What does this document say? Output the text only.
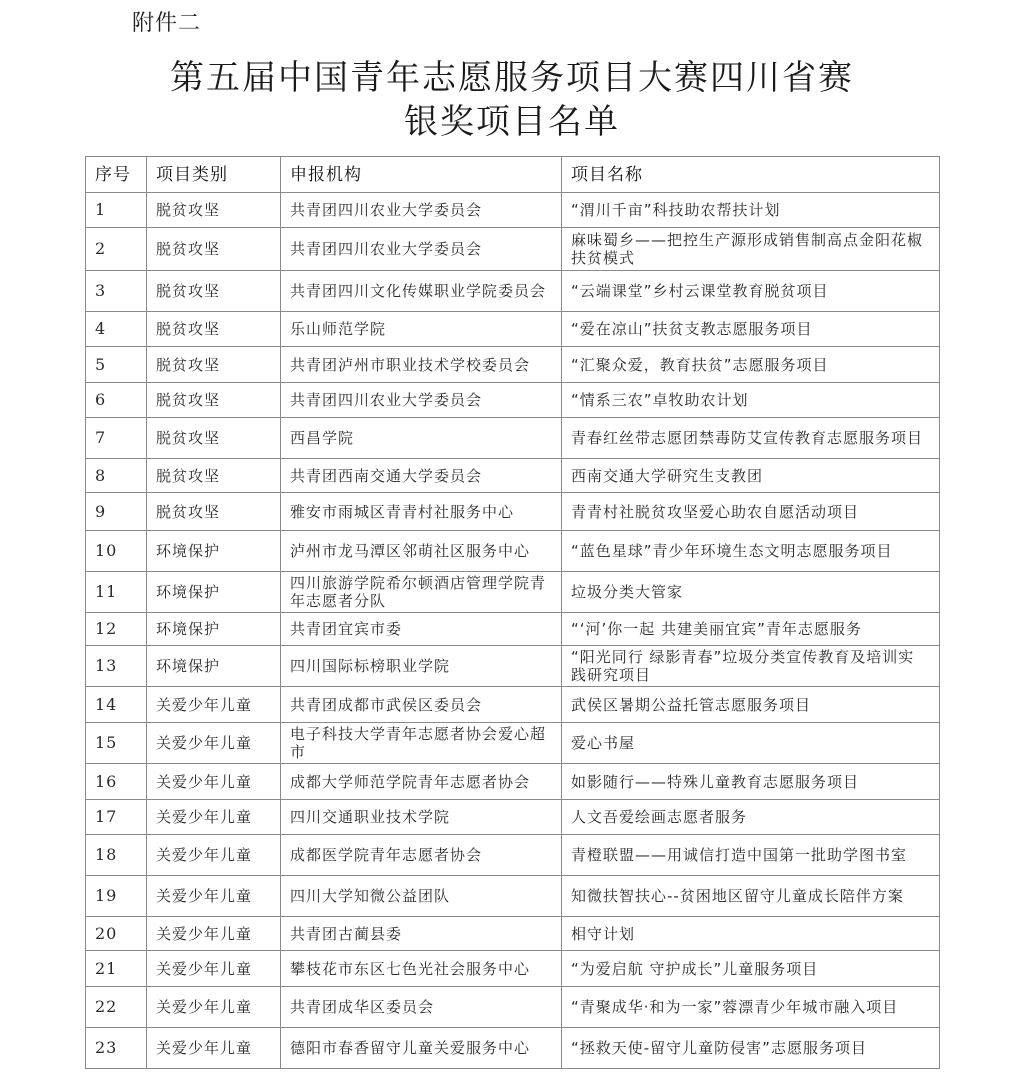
附件二
第五届中国青年志愿服务项目大赛四川省赛
银奖项目名单
序号	项目类别	申报机构	项目名称
1	脱贫攻坚	共青团四川农业大学委员会	“渭川千亩”科技助农帮扶计划
2	脱贫攻坚	共青团四川农业大学委员会	麻味蜀乡——把控生产源形成销售制高点金阳花椒扶贫模式
3	脱贫攻坚	共青团四川文化传媒职业学院委员会	“云端课堂”乡村云课堂教育脱贫项目
4	脱贫攻坚	乐山师范学院	“爱在凉山”扶贫支教志愿服务项目
5	脱贫攻坚	共青团泸州市职业技术学校委员会	“汇聚众爱，教育扶贫”志愿服务项目
6	脱贫攻坚	共青团四川农业大学委员会	“情系三农”卓牧助农计划
7	脱贫攻坚	西昌学院	青春红丝带志愿团禁毒防艾宣传教育志愿服务项目
8	脱贫攻坚	共青团西南交通大学委员会	西南交通大学研究生支教团
9	脱贫攻坚	雅安市雨城区青青村社服务中心	青青村社脱贫攻坚爱心助农自愿活动项目
10	环境保护	泸州市龙马潭区邻萌社区服务中心	“蓝色星球”青少年环境生态文明志愿服务项目
11	环境保护	四川旅游学院希尔顿酒店管理学院青年志愿者分队	垃圾分类大管家
12	环境保护	共青团宜宾市委	“‘河’你一起 共建美丽宜宾”青年志愿服务
13	环境保护	四川国际标榜职业学院	“阳光同行 绿影青春”垃圾分类宣传教育及培训实践研究项目
14	关爱少年儿童	共青团成都市武侯区委员会	武侯区暑期公益托管志愿服务项目
15	关爱少年儿童	电子科技大学青年志愿者协会爱心超市	爱心书屋
16	关爱少年儿童	成都大学师范学院青年志愿者协会	如影随行——特殊儿童教育志愿服务项目
17	关爱少年儿童	四川交通职业技术学院	人文吾爱绘画志愿者服务
18	关爱少年儿童	成都医学院青年志愿者协会	青橙联盟——用诚信打造中国第一批助学图书室
19	关爱少年儿童	四川大学知微公益团队	知微扶智扶心--贫困地区留守儿童成长陪伴方案
20	关爱少年儿童	共青团古蔺县委	相守计划
21	关爱少年儿童	攀枝花市东区七色光社会服务中心	“为爱启航 守护成长”儿童服务项目
22	关爱少年儿童	共青团成华区委员会	“青聚成华·和为一家”蓉漂青少年城市融入项目
23	关爱少年儿童	德阳市春香留守儿童关爱服务中心	“拯救天使-留守儿童防侵害”志愿服务项目
